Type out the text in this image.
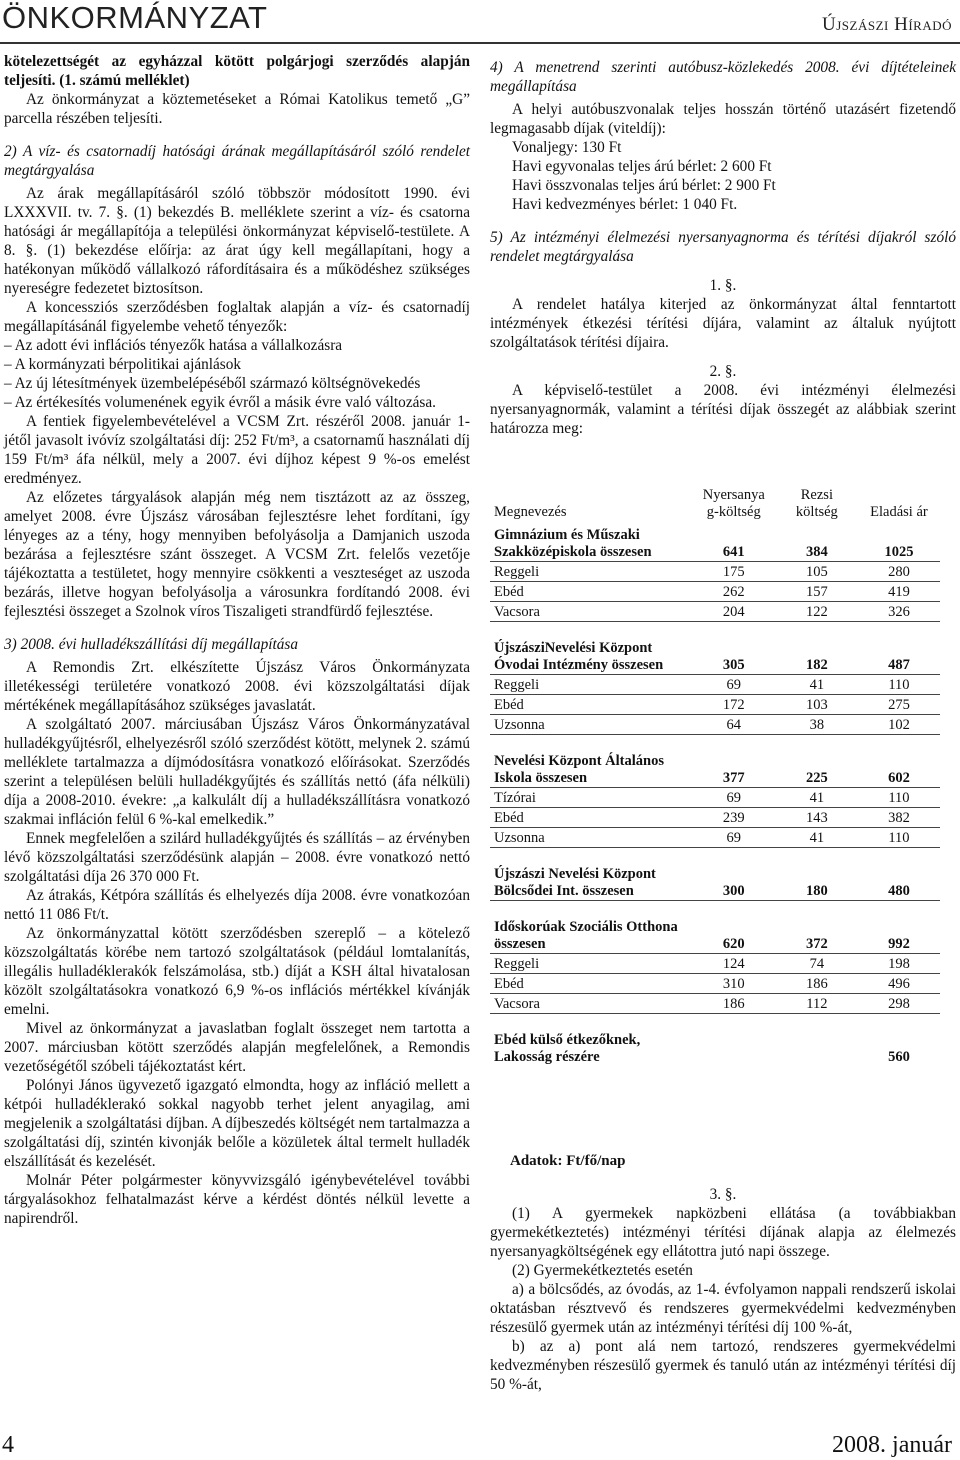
ÖNKORMÁNYZAT	Újszászi Híradó

kötelezettségét az egyházzal kötött polgárjogi szerződés alapján teljesíti. (1. számú melléklet)

Az önkormányzat a köztemetéseket a Római Katolikus temető „G” parcella részében teljesíti.

2) A víz- és csatornadíj hatósági árának megállapításáról szóló rendelet megtárgyalása

Az árak megállapításáról szóló többször módosított 1990. évi LXXXVII. tv. 7. §. (1) bekezdés B. melléklete szerint a víz- és csatorna hatósági ár megállapítója a települési önkormányzat képviselő-testülete. A 8. §. (1) bekezdése előírja: az árat úgy kell megállapítani, hogy a hatékonyan működő vállalkozó ráfordításaira és a működéshez szükséges nyereségre fedezetet biztosítson.

A koncessziós szerződésben foglaltak alapján a víz- és csatornadíj megállapításánál figyelembe vehető tényezők:

– Az adott évi inflációs tényezők hatása a vállalkozásra

– A kormányzati bérpolitikai ajánlások

– Az új létesítmények üzembelépéséből származó költségnövekedés

– Az értékesítés volumenének egyik évről a másik évre való változása.

A fentiek figyelembevételével a VCSM Zrt. részéről 2008. január 1-jétől javasolt ivóvíz szolgáltatási díj: 252 Ft/m³, a csatornamű használati díj 159 Ft/m³ áfa nélkül, mely a 2007. évi díjhoz képest 9 %-os emelést eredményez.

Az előzetes tárgyalások alapján még nem tisztázott az az összeg, amelyet 2008. évre Újszász városában fejlesztésre lehet fordítani, így lényeges az a tény, hogy mennyiben befolyásolja a Damjanich uszoda bezárása a fejlesztésre szánt összeget. A VCSM Zrt. felelős vezetője tájékoztatta a testületet, hogy mennyire csökkenti a veszteséget az uszoda bezárás, illetve hogyan befolyásolja a városunkra fordítandó 2008. évi fejlesztési összeget a Szolnok víros Tiszaligeti strandfürdő fejlesztése.

3) 2008. évi hulladékszállítási díj megállapítása

A Remondis Zrt. elkészítette Újszász Város Önkormányzata illetékességi területére vonatkozó 2008. évi közszolgáltatási díjak mértékének megállapításához szükséges javaslatát.

A szolgáltató 2007. márciusában Újszász Város Önkormányzatával hulladékgyűjtésről, elhelyezésről szóló szerződést kötött, melynek 2. számú melléklete tartalmazza a díjmódosításra vonatkozó előírásokat. Szerződés szerint a településen belüli hulladékgyűjtés és szállítás nettó (áfa nélküli) díja a 2008-2010. évekre: „a kalkulált díj a hulladékszállításra vonatkozó szakmai infláción felül 6 %-kal emelkedik.”

Ennek megfelelően a szilárd hulladékgyűjtés és szállítás – az érvényben lévő közszolgáltatási szerződésünk alapján – 2008. évre vonatkozó nettó szolgáltatási díja 26 370 000 Ft.

Az átrakás, Kétpóra szállítás és elhelyezés díja 2008. évre vonatkozóan nettó 11 086 Ft/t.

Az önkormányzattal kötött szerződésben szereplő – a kötelező közszolgáltatás körébe nem tartozó szolgáltatások (például lomtalanítás, illegális hulladéklerakók felszámolása, stb.) díját a KSH által hivatalosan közölt szolgáltatásokra vonatkozó 6,9 %-os inflációs mértékkel kívánják emelni.

Mivel az önkormányzat a javaslatban foglalt összeget nem tartotta a 2007. márciusban kötött szerződés alapján megfelelőnek, a Remondis vezetőségétől szóbeli tájékoztatást kért.

Polónyi János ügyvezető igazgató elmondta, hogy az infláció mellett a kétpói hulladéklerakó sokkal nagyobb terhet jelent anyagilag, ami megjelenik a szolgáltatási díjban. A díjbeszedés költségét nem tartalmazza a szolgáltatási díj, szintén kivonják belőle a közületek által termelt hulladék elszállítását és kezelését.

Molnár Péter polgármester könyvvizsgáló igénybevételével további tárgyalásokhoz felhatalmazást kérve a kérdést döntés nélkül levette a napirendről.

4) A menetrend szerinti autóbusz-közlekedés 2008. évi díjtételeinek megállapítása

A helyi autóbuszvonalak teljes hosszán történő utazásért fizetendő legmagasabb díjak (viteldíj):

Vonaljegy: 130 Ft

Havi egyvonalas teljes árú bérlet: 2 600 Ft

Havi összvonalas teljes árú bérlet: 2 900 Ft

Havi kedvezményes bérlet: 1 040 Ft.

5) Az intézményi élelmezési nyersanyagnorma és térítési díjakról szóló rendelet megtárgyalása

1. §.

A rendelet hatálya kiterjed az önkormányzat által fenntartott intézmények étkezési térítési díjára, valamint az általuk nyújtott szolgáltatások térítési díjaira.

2. §.

A képviselő-testület a 2008. évi intézményi élelmezési nyersanyagnormák, valamint a térítési díjak összegét az alábbiak szerint határozza meg:

Megnevezés	Nyersanya g-költség	Rezsi költség	Eladási ár
Gimnázium és Műszaki Szakközépiskola összesen	641	384	1025
Reggeli	175	105	280
Ebéd	262	157	419
Vacsora	204	122	326

ÚjszásziNevelési Központ Óvodai Intézmény összesen	305	182	487
Reggeli	69	41	110
Ebéd	172	103	275
Uzsonna	64	38	102

Nevelési Központ Általános Iskola összesen	377	225	602
Tízórai	69	41	110
Ebéd	239	143	382
Uzsonna	69	41	110

Újszászi Nevelési Központ Bölcsődei Int. összesen	300	180	480

Időskorúak Szociális Otthona összesen	620	372	992
Reggeli	124	74	198
Ebéd	310	186	496
Vacsora	186	112	298

Ebéd külső étkezőknek, Lakosság részére			560
Adatok: Ft/fő/nap

3. §.

(1) A gyermekek napközbeni ellátása (a továbbiakban gyermekétkeztetés) intézményi térítési díjának alapja az élelmezés nyersanyagköltségének egy ellátottra jutó napi összege.

(2) Gyermekétkeztetés esetén

a) a bölcsődés, az óvodás, az 1-4. évfolyamon nappali rendszerű iskolai oktatásban résztvevő és rendszeres gyermekvédelmi kedvezményben részesülő gyermek után az intézményi térítési díj 100 %-át,

b) az a) pont alá nem tartozó, rendszeres gyermekvédelmi kedvezményben részesülő gyermek és tanuló után az intézményi térítési díj 50 %-át,

4	2008. január
